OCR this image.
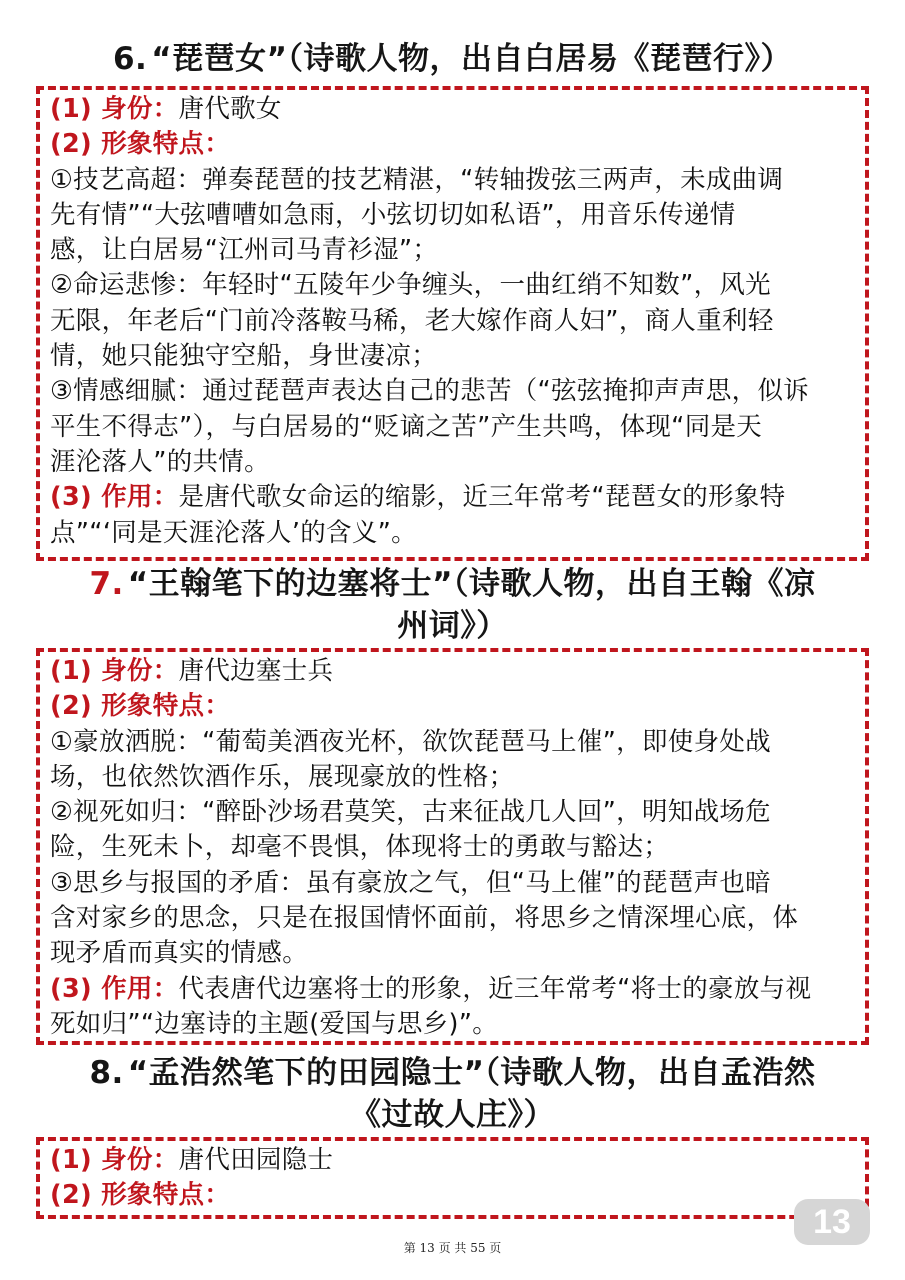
6. “琵琶女”（诗歌人物，出自白居易《琵琶行》）

(1) 身份：唐代歌女

(2) 形象特点：

①技艺高超：弹奏琵琶的技艺精湛，“转轴拨弦三两声，未成曲调

先有情”“大弦嘈嘈如急雨，小弦切切如私语”，用音乐传递情

感，让白居易“江州司马青衫湿”；

②命运悲惨：年轻时“五陵年少争缠头，一曲红绡不知数”，风光

无限，年老后“门前冷落鞍马稀，老大嫁作商人妇”，商人重利轻

情，她只能独守空船，身世凄凉；

③情感细腻：通过琵琶声表达自己的悲苦（“弦弦掩抑声声思，似诉

平生不得志”），与白居易的“贬谪之苦”产生共鸣，体现“同是天

涯沦落人”的共情。

(3) 作用：是唐代歌女命运的缩影，近三年常考“琵琶女的形象特

点”“‘同是天涯沦落人’的含义”。

7. “王翰笔下的边塞将士”（诗歌人物，出自王翰《凉
州词》）

(1) 身份：唐代边塞士兵

(2) 形象特点：

①豪放洒脱：“葡萄美酒夜光杯，欲饮琵琶马上催”，即使身处战

场，也依然饮酒作乐，展现豪放的性格；

②视死如归：“醉卧沙场君莫笑，古来征战几人回”，明知战场危

险，生死未卜，却毫不畏惧，体现将士的勇敢与豁达；

③思乡与报国的矛盾：虽有豪放之气，但“马上催”的琵琶声也暗

含对家乡的思念，只是在报国情怀面前，将思乡之情深埋心底，体

现矛盾而真实的情感。

(3) 作用：代表唐代边塞将士的形象，近三年常考“将士的豪放与视

死如归”“边塞诗的主题(爱国与思乡)”。

8. “孟浩然笔下的田园隐士”（诗歌人物，出自孟浩然
《过故人庄》）

(1) 身份：唐代田园隐士

(2) 形象特点：

13
第 13 页 共 55 页
